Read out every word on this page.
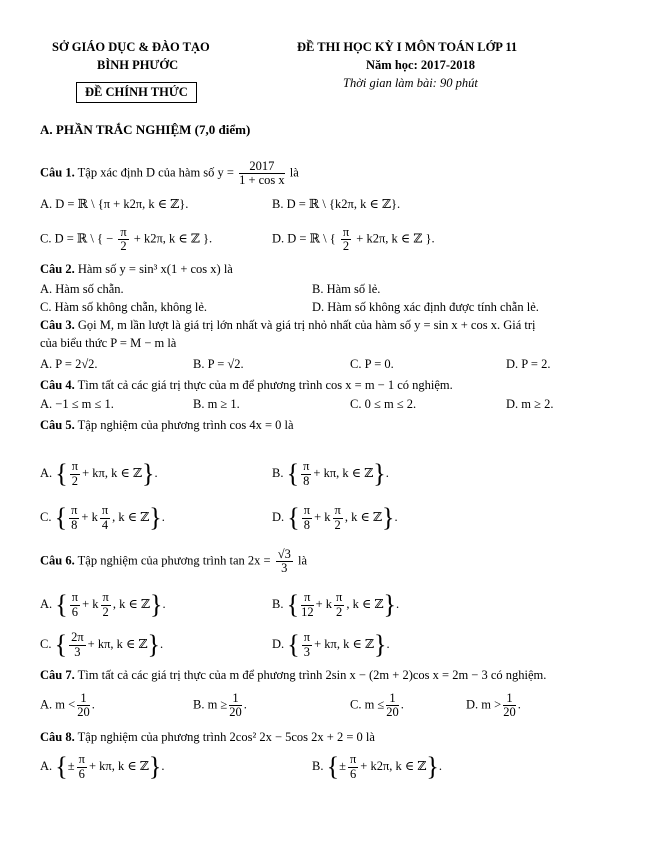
SỞ GIÁO DỤC & ĐÀO TẠO
BÌNH PHƯỚC
ĐỀ CHÍNH THỨC
ĐỀ THI HỌC KỲ I MÔN TOÁN LỚP 11
Năm học: 2017-2018
Thời gian làm bài: 90 phút
A. PHẦN TRẮC NGHIỆM (7,0 điểm)
Câu 1. Tập xác định D của hàm số $y = \frac{2017}{\text{1 + cos x}}$ là
A. D = ℝ \ {π + k2π, k ∈ ℤ}.	B. D = ℝ \ {k2π, k ∈ ℤ}.
C. D = ℝ \ { − $\frac{\pi}{2} + k2\pi$, k ∈ ℤ }.	D. D = ℝ \ { $\frac{\pi}{2} + k2\pi$, k ∈ ℤ }.
Câu 2. Hàm số y = sin³ x(1 + cos x) là
A. Hàm số chẵn.	B. Hàm số lẻ.
C. Hàm số không chẵn, không lẻ.	D. Hàm số không xác định được tính chẵn lẻ.
Câu 3. Gọi M, m lần lượt là giá trị lớn nhất và giá trị nhỏ nhất của hàm số y = sin x + cos x. Giá trị
của biểu thức P = M − m là
A. P = 2√2.	B. P = √2.	C. P = 0.	D. P = 2.
Câu 4. Tìm tất cả các giá trị thực của m để phương trình cos x = m − 1 có nghiệm.
A. −1 ≤ m ≤ 1.	B. m ≥ 1.	C. 0 ≤ m ≤ 2.	D. m ≥ 2.
Câu 5. Tập nghiệm của phương trình cos 4x = 0 là
A. { $\frac{\pi}{2} + k\pi$, k ∈ ℤ}.	B. { $\frac{\pi}{8} + k\pi$, k ∈ ℤ}.
C. { $\frac{\pi}{8} + k \frac{\pi}{4}$ , k ∈ ℤ}.	D. { $\frac{\pi}{8} + k \frac{\pi}{2}$ , k ∈ ℤ}.
Câu 6. Tập nghiệm của phương trình $\tan 2x = \frac{√3}{3}$ là
A. { $\frac{\pi}{6} + k \frac{\pi}{2}$ , k ∈ ℤ}.	B. { $\frac{\pi}{12} + k \frac{\pi}{2}$ , k ∈ ℤ}.
C. { $\frac{2\pi}{3} + k\pi$, k ∈ ℤ}.	D. { $\frac{\pi}{3} + k\pi$, k ∈ ℤ}.
Câu 7. Tìm tất cả các giá trị thực của m để phương trình 2sin x − (2m + 2)cos x = 2m − 3 có nghiệm.
A. $m < \frac{1}{20}$ .	B. $m \ge \frac{1}{20}$ .	C. $m \le \frac{1}{20}$ .	D. $m > \frac{1}{20}$ .
Câu 8. Tập nghiệm của phương trình 2cos² 2x − 5cos 2x + 2 = 0 là
A. {± $\frac{\pi}{6} + k\pi$, k ∈ ℤ}.	B. {± $\frac{\pi}{6} + k2\pi$, k ∈ ℤ}.
